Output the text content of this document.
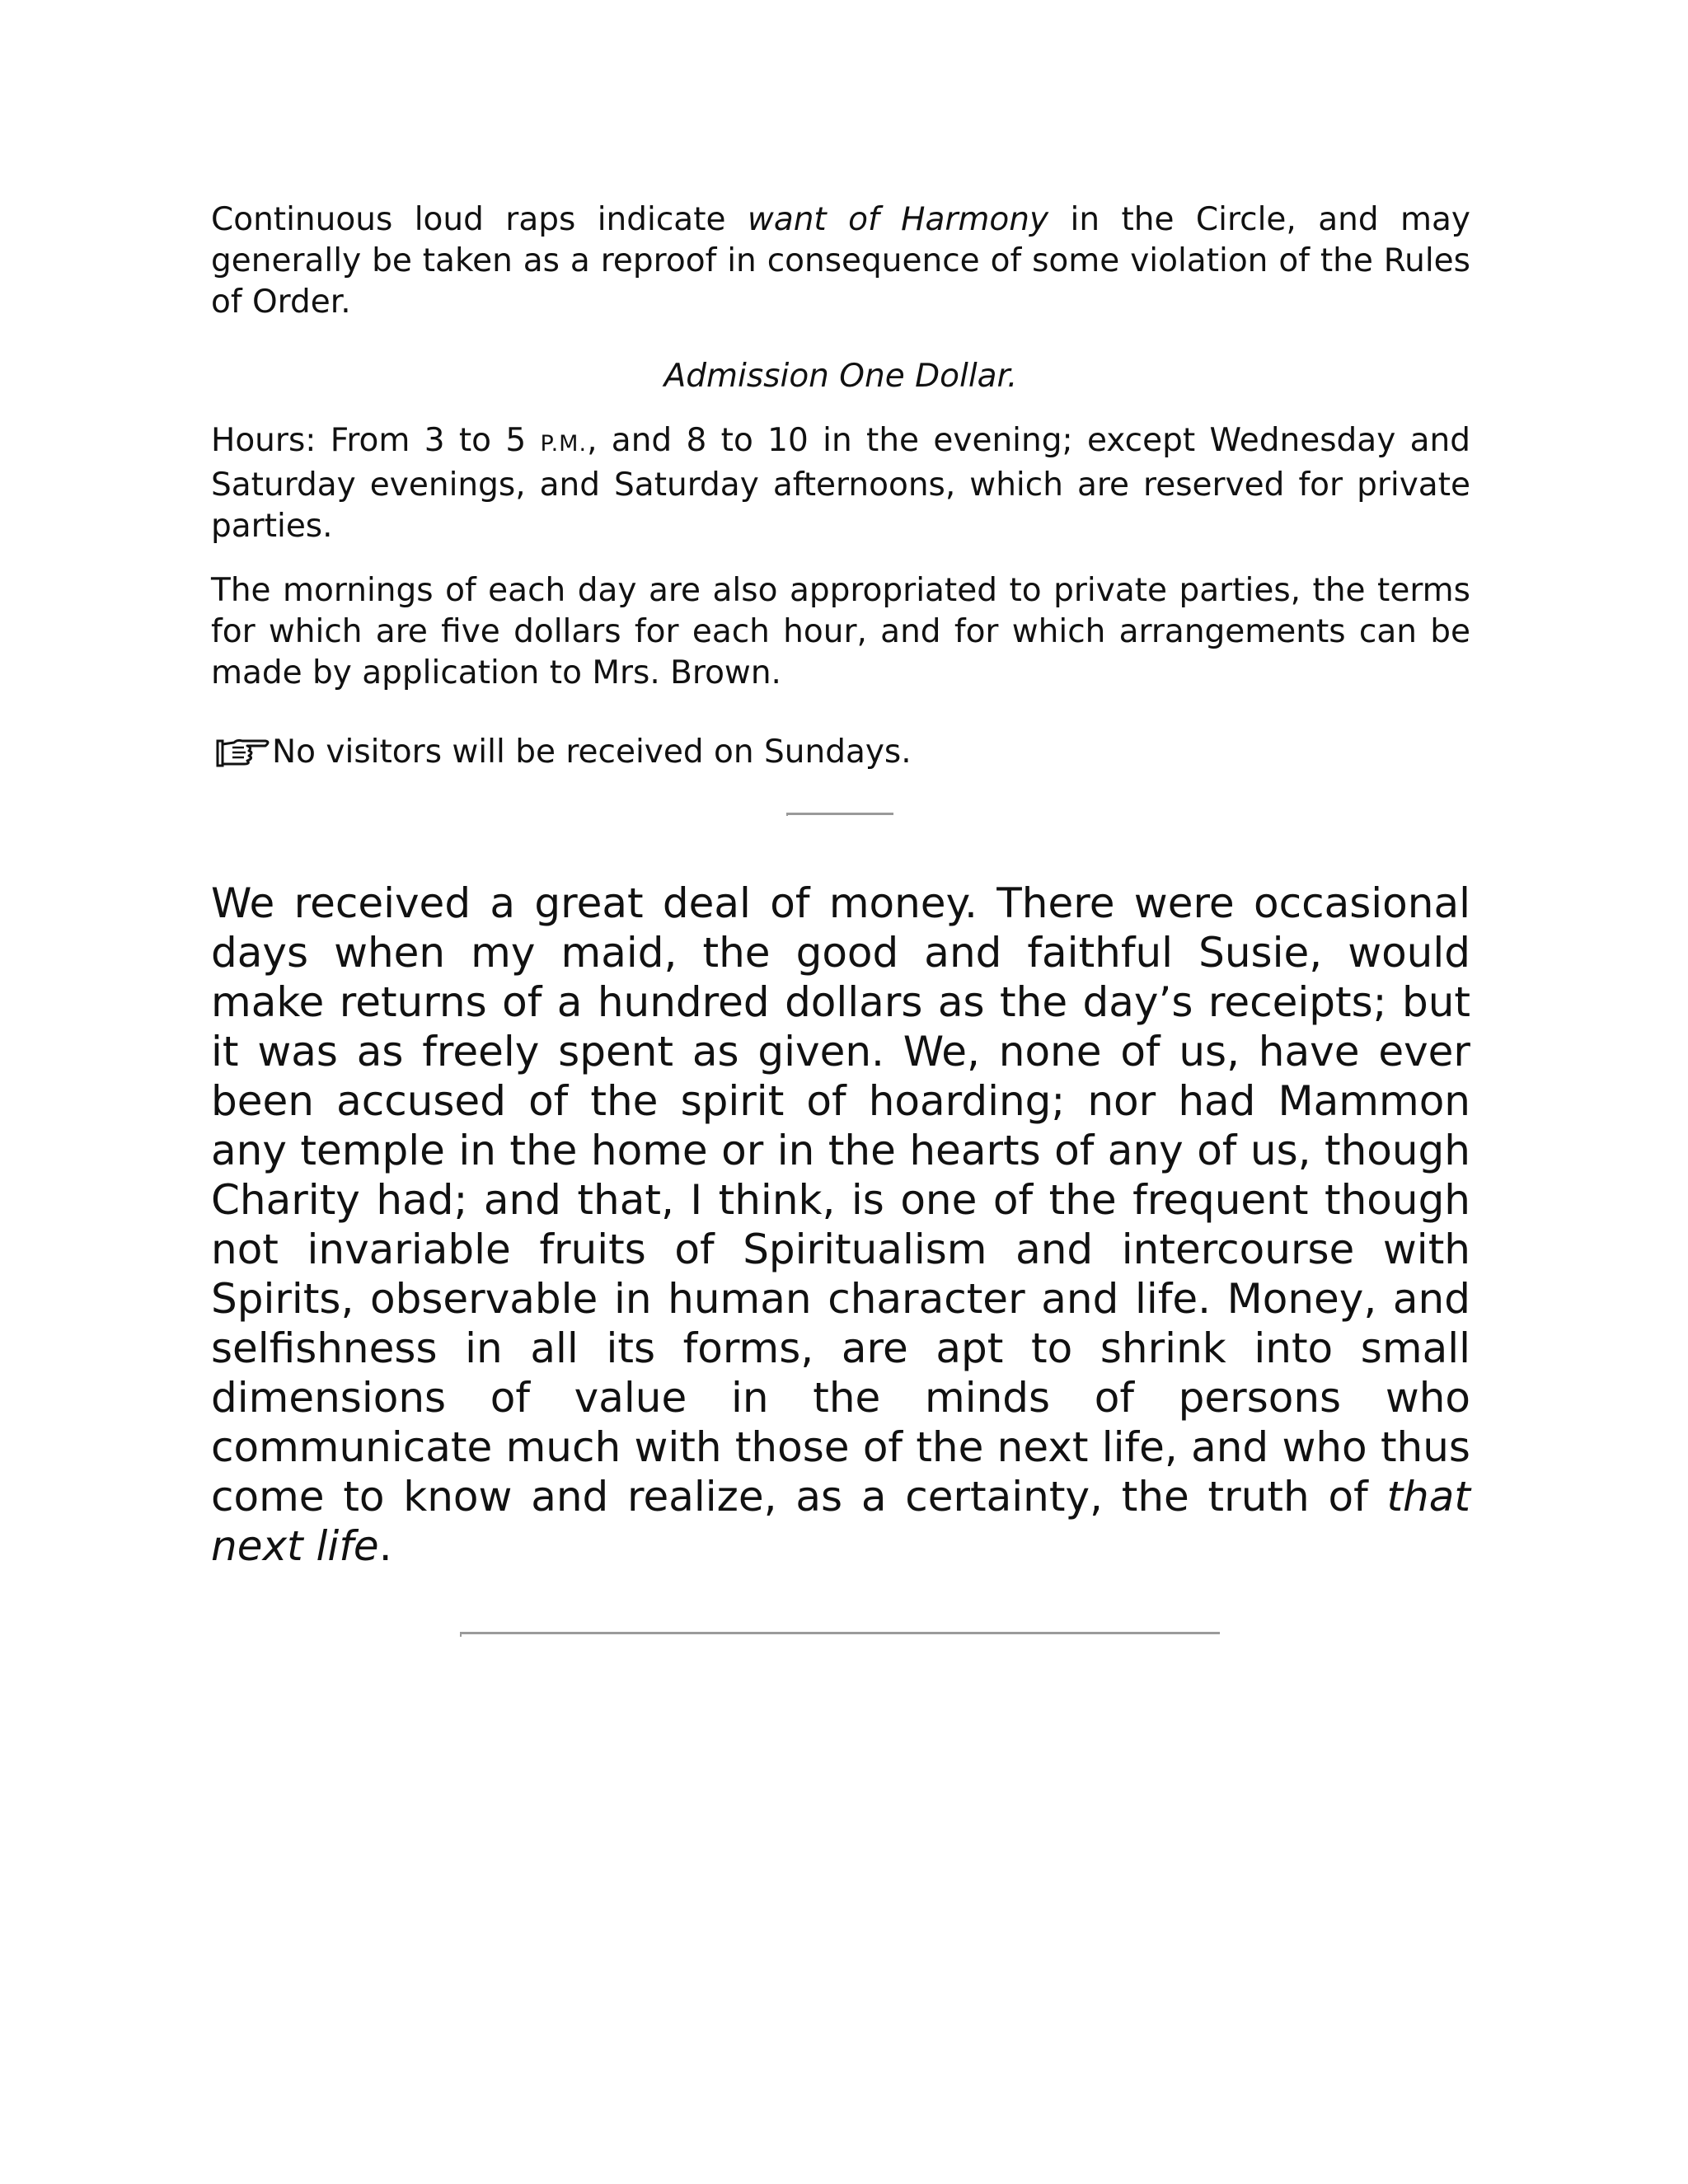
Continuous loud raps indicate want of Harmony in the Circle, and may generally be taken as a reproof in consequence of some violation of the Rules of Order.

Admission One Dollar.

Hours: From 3 to 5 P.M., and 8 to 10 in the evening; except Wednesday and Saturday evenings, and Saturday afternoons, which are reserved for private parties.

The mornings of each day are also appropriated to private parties, the terms for which are five dollars for each hour, and for which arrangements can be made by application to Mrs. Brown.

No visitors will be received on Sundays.

We received a great deal of money. There were occasional days when my maid, the good and faithful Susie, would make returns of a hundred dollars as the day’s receipts; but it was as freely spent as given. We, none of us, have ever been accused of the spirit of hoarding; nor had Mammon any temple in the home or in the hearts of any of us, though Charity had; and that, I think, is one of the frequent though not invariable fruits of Spiritualism and intercourse with Spirits, observable in human character and life. Money, and selfishness in all its forms, are apt to shrink into small dimensions of value in the minds of persons who communicate much with those of the next life, and who thus come to know and realize, as a certainty, the truth of that next life.
